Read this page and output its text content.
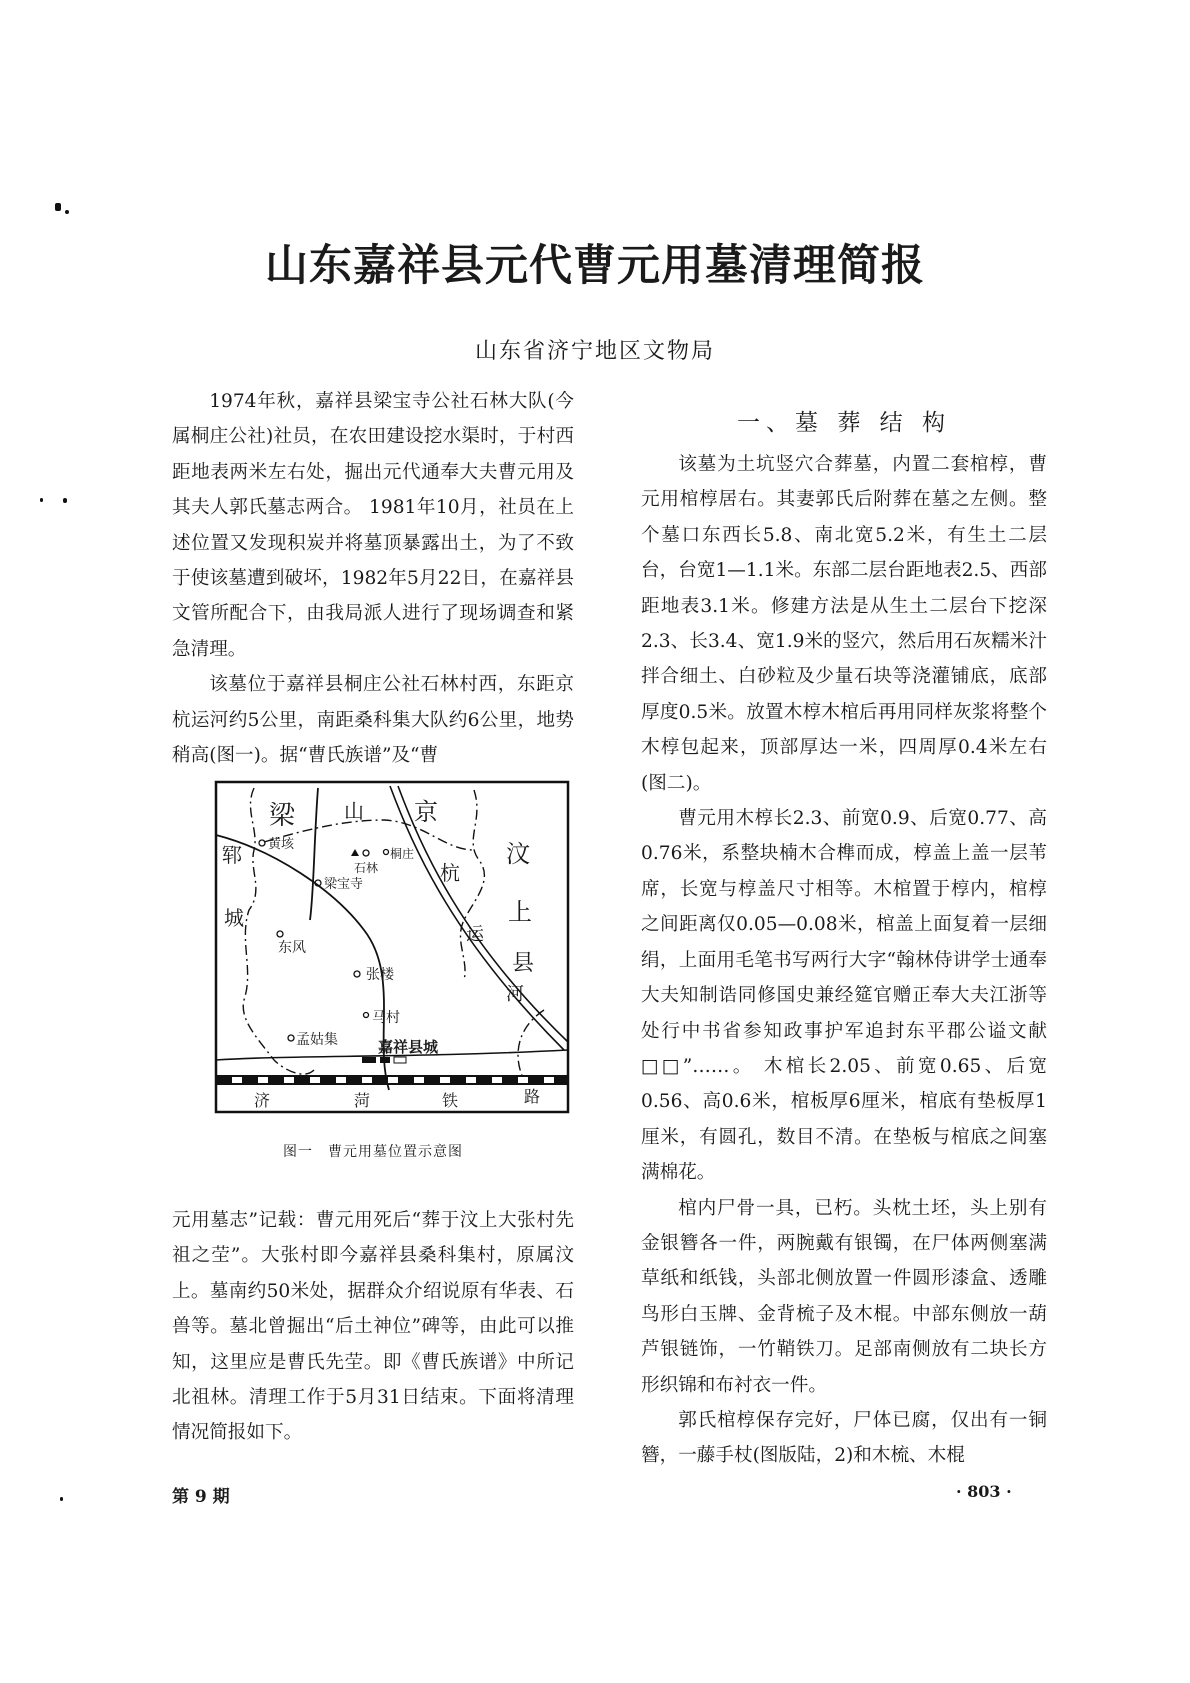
山东嘉祥县元代曹元用墓清理简报
山东省济宁地区文物局

1974年秋，嘉祥县梁宝寺公社石林大队(今属桐庄公社)社员，在农田建设挖水渠时，于村西距地表两米左右处，掘出元代通奉大夫曹元用及其夫人郭氏墓志两合。 1981年10月，社员在上述位置又发现积炭并将墓顶暴露出土，为了不致于使该墓遭到破坏，1982年5月22日，在嘉祥县文管所配合下，由我局派人进行了现场调查和紧急清理。

该墓位于嘉祥县桐庄公社石林村西，东距京杭运河约5公里，南距桑科集大队约6公里，地势稍高(图一)。据“曹氏族谱”及“曹

梁 山 京
杭
运
河
汶
上
县
郓
城
黄垓
石林
桐庄
梁宝寺
东风
张楼
马村
孟姑集	嘉祥县城
济	菏	铁	路
图一　曹元用墓位置示意图

元用墓志”记载：曹元用死后“葬于汶上大张村先祖之茔”。大张村即今嘉祥县桑科集村，原属汶上。墓南约50米处，据群众介绍说原有华表、石兽等。墓北曾掘出“后土神位”碑等，由此可以推知，这里应是曹氏先茔。即《曹氏族谱》中所记北祖林。清理工作于5月31日结束。下面将清理情况简报如下。

一、墓 葬 结 构

该墓为土坑竖穴合葬墓，内置二套棺椁，曹元用棺椁居右。其妻郭氏后附葬在墓之左侧。整个墓口东西长5.8、南北宽5.2米，有生土二层台，台宽1—1.1米。东部二层台距地表2.5、西部距地表3.1米。修建方法是从生土二层台下挖深2.3、长3.4、宽1.9米的竖穴，然后用石灰糯米汁拌合细土、白砂粒及少量石块等浇灌铺底，底部厚度0.5米。放置木椁木棺后再用同样灰浆将整个木椁包起来，顶部厚达一米，四周厚0.4米左右(图二)。

曹元用木椁长2.3、前宽0.9、后宽0.77、高0.76米，系整块楠木合榫而成，椁盖上盖一层苇席，长宽与椁盖尺寸相等。木棺置于椁内，棺椁之间距离仅0.05—0.08米，棺盖上面复着一层细绢，上面用毛笔书写两行大字“翰林侍讲学士通奉大夫知制诰同修国史兼经筵官赠正奉大夫江浙等处行中书省参知政事护军追封东平郡公谥文献□□”……。 木棺长2.05、前宽0.65、后宽0.56、高0.6米，棺板厚6厘米，棺底有垫板厚1厘米，有圆孔，数目不清。在垫板与棺底之间塞满棉花。

棺内尸骨一具，已朽。头枕土坯，头上别有金银簪各一件，两腕戴有银镯，在尸体两侧塞满草纸和纸钱，头部北侧放置一件圆形漆盒、透雕鸟形白玉牌、金背梳子及木棍。中部东侧放一葫芦银链饰，一竹鞘铁刀。足部南侧放有二块长方形织锦和布衬衣一件。

郭氏棺椁保存完好，尸体已腐，仅出有一铜簪，一藤手杖(图版陆，2)和木梳、木棍

第 9 期	· 803 ·
